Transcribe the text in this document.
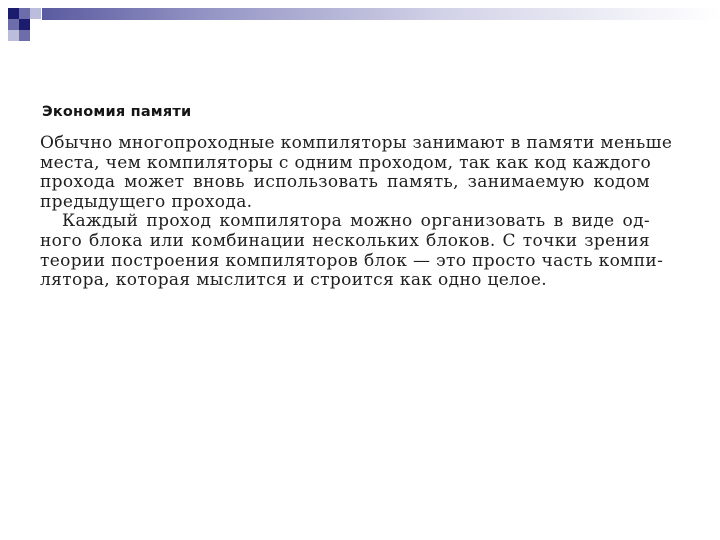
Экономия памяти
Обычно многопроходные компиляторы занимают в памяти меньше
места, чем компиляторы с одним проходом, так как код каждого
прохода может вновь использовать память, занимаемую кодом
предыдущего прохода.
Каждый проход компилятора можно организовать в виде од-
ного блока или комбинации нескольких блоков. С точки зрения
теории построения компиляторов блок — это просто часть компи-
лятора, которая мыслится и строится как одно целое.
